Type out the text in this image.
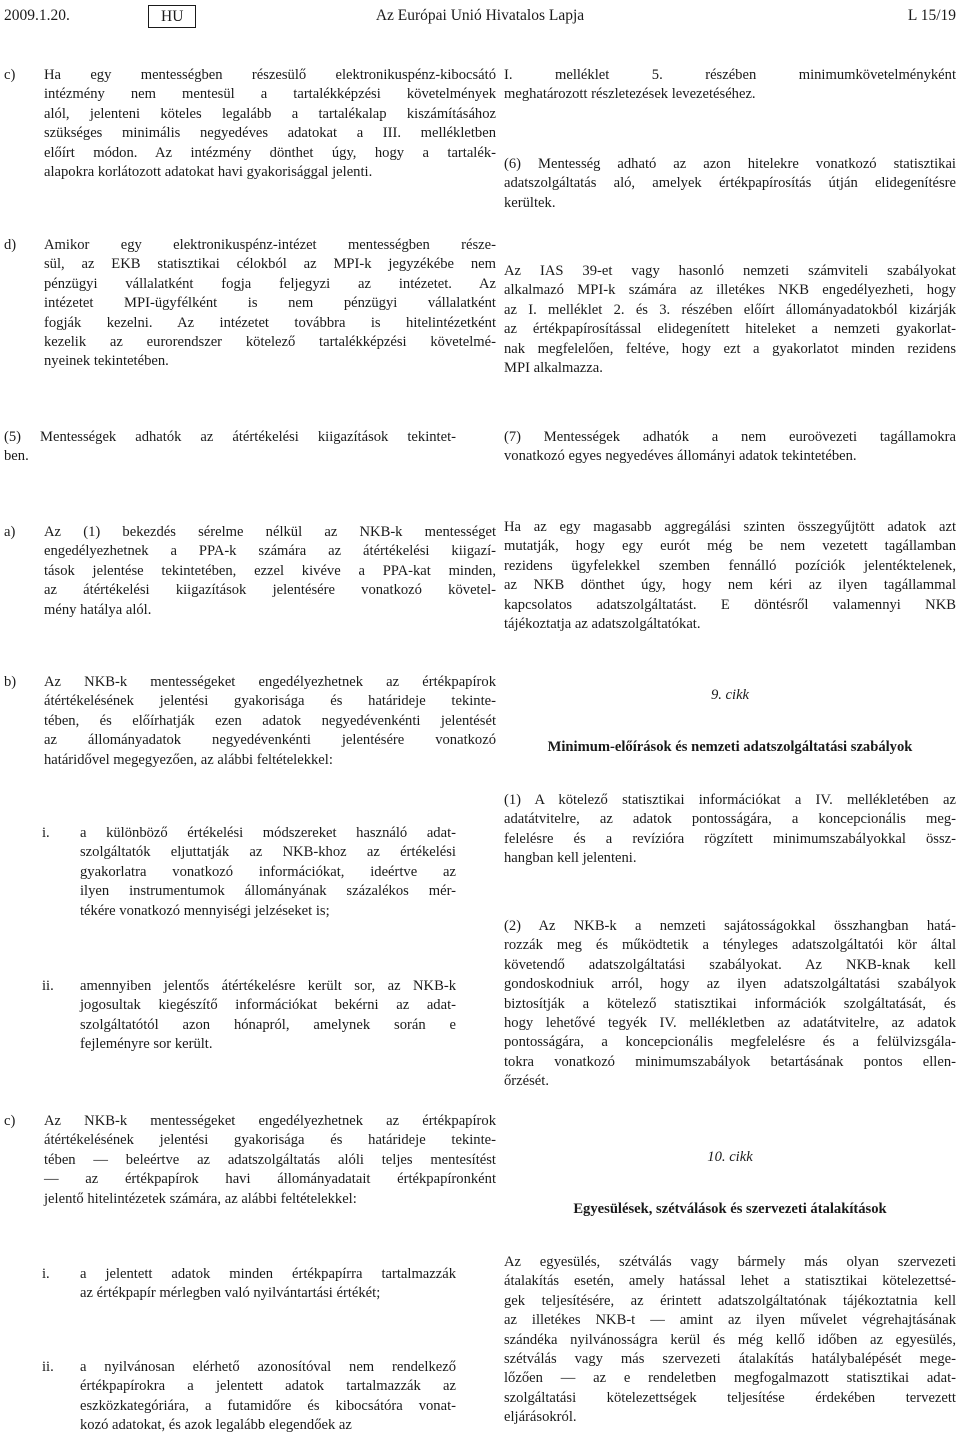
2009.1.20.	HU	Az Európai Unió Hivatalos Lapja	L 15/19
c) Ha egy mentességben részesülő elektronikuspénz-kibocsátó
intézmény nem mentesül a tartalékképzési követelmények
alól, jelenteni köteles legalább a tartalékalap kiszámításához
szükséges minimális negyedéves adatokat a III. mellékletben
előírt módon. Az intézmény dönthet úgy, hogy a tartalék-
alapokra korlátozott adatokat havi gyakorisággal jelenti.
d) Amikor egy elektronikuspénz-intézet mentességben része-
sül, az EKB statisztikai célokból az MPI-k jegyzékébe nem
pénzügyi vállalatként fogja feljegyzi az intézetet. Az
intézetet MPI-ügyfélként is nem pénzügyi vállalatként
fogják kezelni. Az intézetet továbbra is hitelintézetként
kezelik az eurorendszer kötelező tartalékképzési követelmé-
nyeinek tekintetében.
(5) Mentességek adhatók az átértékelési kiigazítások tekintet-
ben.
a) Az (1) bekezdés sérelme nélkül az NKB-k mentességet
engedélyezhetnek a PPA-k számára az átértékelési kiigazí-
tások jelentése tekintetében, ezzel kivéve a PPA-kat minden,
az átértékelési kiigazítások jelentésére vonatkozó követel-
mény hatálya alól.
b) Az NKB-k mentességeket engedélyezhetnek az értékpapírok
átértékelésének jelentési gyakorisága és határideje tekinte-
tében, és előírhatják ezen adatok negyedévenkénti jelentését
az állományadatok negyedévenkénti jelentésére vonatkozó
határidővel megegyezően, az alábbi feltételekkel:
i. a különböző értékelési módszereket használó adat-
szolgáltatók eljuttatják az NKB-khoz az értékelési
gyakorlatra vonatkozó információkat, ideértve az
ilyen instrumentumok állományának százalékos mér-
tékére vonatkozó mennyiségi jelzéseket is;
ii. amennyiben jelentős átértékelésre került sor, az NKB-k
jogosultak kiegészítő információkat bekérni az adat-
szolgáltatótól azon hónapról, amelynek során e
fejleményre sor került.
c) Az NKB-k mentességeket engedélyezhetnek az értékpapírok
átértékelésének jelentési gyakorisága és határideje tekinte-
tében — beleértve az adatszolgáltatás alóli teljes mentesítést
— az értékpapírok havi állományadatait értékpapíronként
jelentő hitelintézetek számára, az alábbi feltételekkel:
i. a jelentett adatok minden értékpapírra tartalmazzák
az értékpapír mérlegben való nyilvántartási értékét;
ii. a nyilvánosan elérhető azonosítóval nem rendelkező
értékpapírokra a jelentett adatok tartalmazzák az
eszközkategóriára, a futamidőre és kibocsátóra vonat-
kozó adatokat, és azok legalább elegendőek az
I. melléklet 5. részében minimumkövetelményként
meghatározott részletezések levezetéséhez.
(6) Mentesség adható az azon hitelekre vonatkozó statisztikai
adatszolgáltatás aló, amelyek értékpapírosítás útján elidegenítésre
kerültek.
Az IAS 39-et vagy hasonló nemzeti számviteli szabályokat
alkalmazó MPI-k számára az illetékes NKB engedélyezheti, hogy
az I. melléklet 2. és 3. részében előírt állományadatokból kizárják
az értékpapírosítással elidegenített hiteleket a nemzeti gyakorlat-
nak megfelelően, feltéve, hogy ezt a gyakorlatot minden rezidens
MPI alkalmazza.
(7) Mentességek adhatók a nem euroövezeti tagállamokra
vonatkozó egyes negyedéves állományi adatok tekintetében.
Ha az egy magasabb aggregálási szinten összegyűjtött adatok azt
mutatják, hogy egy eurót még be nem vezetett tagállamban
rezidens ügyfelekkel szemben fennálló pozíciók jelentéktelenek,
az NKB dönthet úgy, hogy nem kéri az ilyen tagállammal
kapcsolatos adatszolgáltatást. E döntésről valamennyi NKB
tájékoztatja az adatszolgáltatókat.
9. cikk
Minimum-előírások és nemzeti adatszolgáltatási szabályok
(1) A kötelező statisztikai információkat a IV. mellékletében az
adatátvitelre, az adatok pontosságára, a koncepcionális meg-
felelésre és a revízióra rögzített minimumszabályokkal össz-
hangban kell jelenteni.
(2) Az NKB-k a nemzeti sajátosságokkal összhangban hatá-
rozzák meg és működtetik a tényleges adatszolgáltatói kör által
követendő adatszolgáltatási szabályokat. Az NKB-knak kell
gondoskodniuk arról, hogy az ilyen adatszolgáltatási szabályok
biztosítják a kötelező statisztikai információk szolgáltatását, és
hogy lehetővé tegyék IV. mellékletben az adatátvitelre, az adatok
pontosságára, a koncepcionális megfelelésre és a felülvizsgála-
tokra vonatkozó minimumszabályok betartásának pontos ellen-
őrzését.
10. cikk
Egyesülések, szétválások és szervezeti átalakítások
Az egyesülés, szétválás vagy bármely más olyan szervezeti
átalakítás esetén, amely hatással lehet a statisztikai kötelezettsé-
gek teljesítésére, az érintett adatszolgáltatónak tájékoztatnia kell
az illetékes NKB-t — amint az ilyen művelet végrehajtásának
szándéka nyilvánosságra kerül és még kellő időben az egyesülés,
szétválás vagy más szervezeti átalakítás hatálybalépését mege-
lőzően — az e rendeletben megfogalmazott statisztikai adat-
szolgáltatási kötelezettségek teljesítése érdekében tervezett
eljárásokról.
